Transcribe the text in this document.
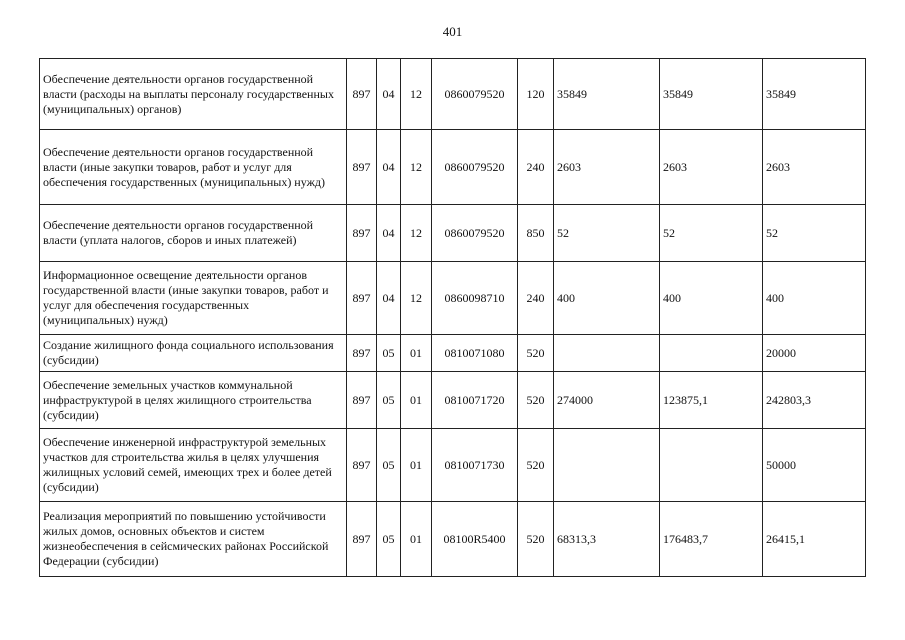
401
Обеспечение деятельности органов государственной власти (расходы на выплаты персоналу государственных (муниципальных) органов)	897	04	12	0860079520	120	35849	35849	35849
Обеспечение деятельности органов государственной власти (иные закупки товаров, работ и услуг для обеспечения государственных (муниципальных) нужд)	897	04	12	0860079520	240	2603	2603	2603
Обеспечение деятельности органов государственной власти (уплата налогов, сборов и иных платежей)	897	04	12	0860079520	850	52	52	52
Информационное освещение деятельности органов государственной власти (иные закупки товаров, работ и услуг для обеспечения государственных (муниципальных) нужд)	897	04	12	0860098710	240	400	400	400
Создание жилищного фонда социального использования (субсидии)	897	05	01	0810071080	520			20000
Обеспечение земельных участков коммунальной инфраструктурой в целях жилищного строительства (субсидии)	897	05	01	0810071720	520	274000	123875,1	242803,3
Обеспечение инженерной инфраструктурой земельных участков для строительства жилья в целях улучшения жилищных условий семей, имеющих трех и более детей (субсидии)	897	05	01	0810071730	520			50000
Реализация мероприятий по повышению устойчивости жилых домов, основных объектов и систем жизнеобеспечения в сейсмических районах Российской Федерации (субсидии)	897	05	01	08100R5400	520	68313,3	176483,7	26415,1
